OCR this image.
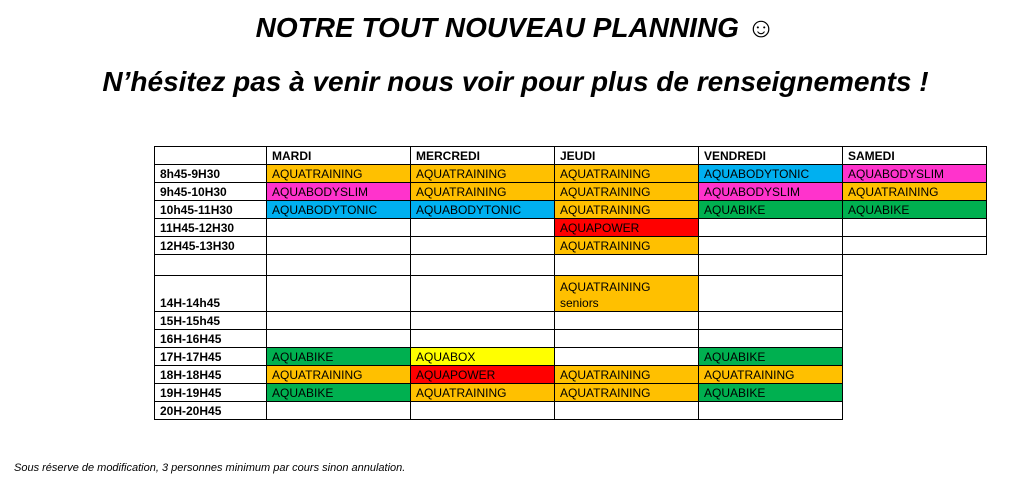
NOTRE TOUT NOUVEAU PLANNING ☺
N’hésitez pas à venir nous voir pour plus de renseignements !
	MARDI	MERCREDI	JEUDI	VENDREDI	SAMEDI
8h45-9H30	AQUATRAINING	AQUATRAINING	AQUATRAINING	AQUABODYTONIC	AQUABODYSLIM
9h45-10H30	AQUABODYSLIM	AQUATRAINING	AQUATRAINING	AQUABODYSLIM	AQUATRAINING
10h45-11H30	AQUABODYTONIC	AQUABODYTONIC	AQUATRAINING	AQUABIKE	AQUABIKE
11H45-12H30			AQUAPOWER		
12H45-13H30			AQUATRAINING		

14H-14h45			AQUATRAINING
seniors		

15H-15h45					
16H-16H45					
17H-17H45	AQUABIKE	AQUABOX		AQUABIKE	
18H-18H45	AQUATRAINING	AQUAPOWER	AQUATRAINING	AQUATRAINING	
19H-19H45	AQUABIKE	AQUATRAINING	AQUATRAINING	AQUABIKE	
20H-20H45					
Sous réserve de modification, 3 personnes minimum par cours sinon annulation.
